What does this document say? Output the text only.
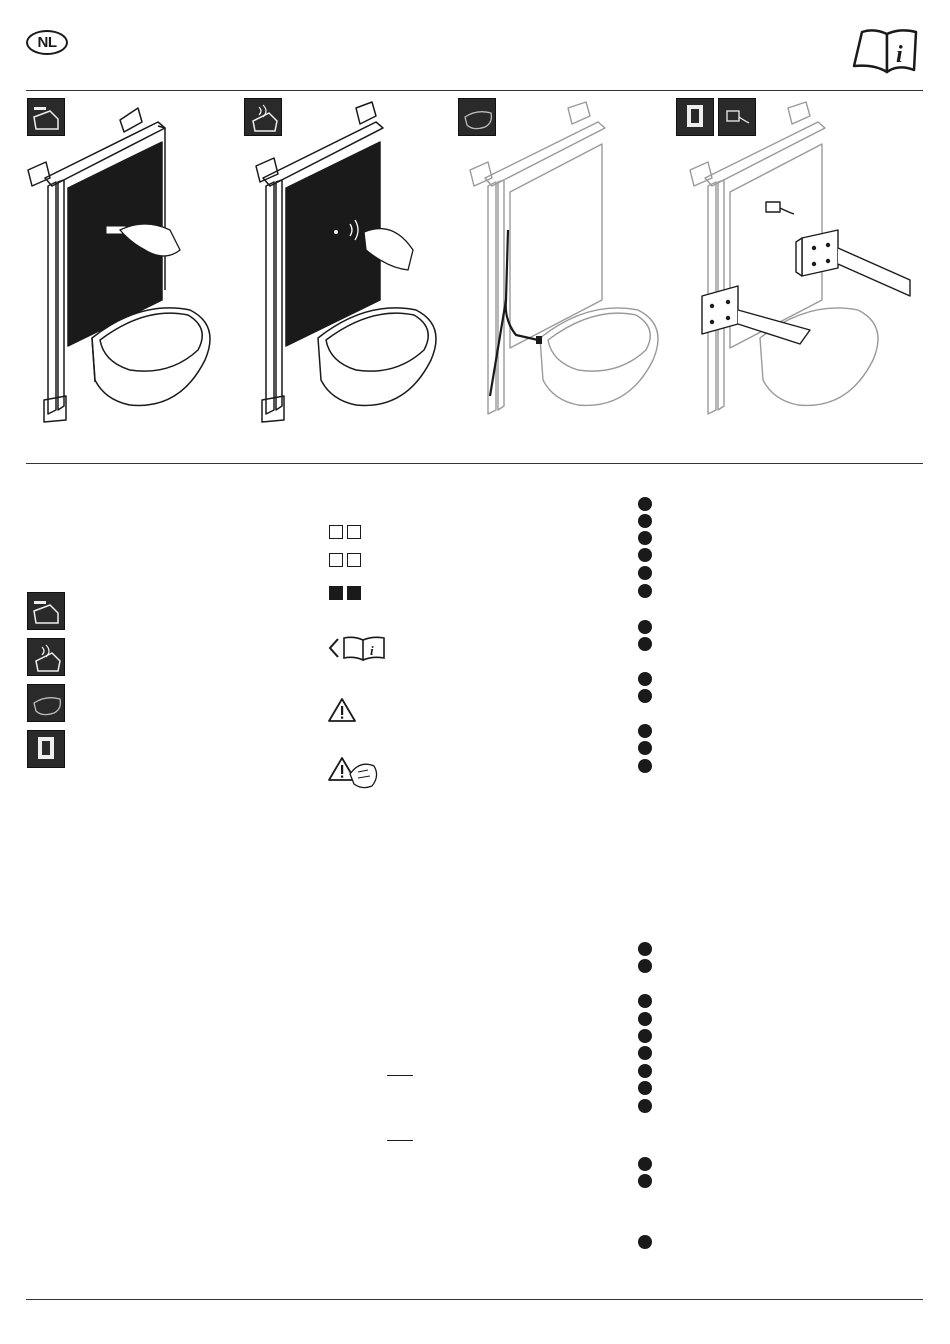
NL	i
i
